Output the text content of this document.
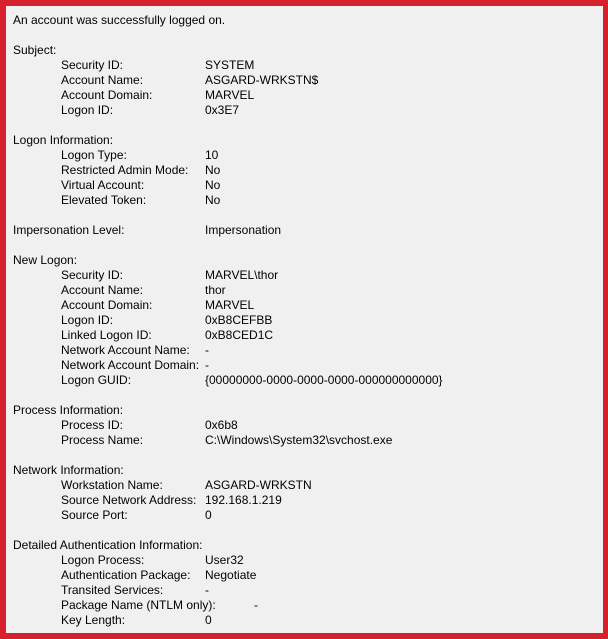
An account was successfully logged on.
Subject:
Security ID:	SYSTEM
Account Name:	ASGARD-WRKSTN$
Account Domain:	MARVEL
Logon ID:	0x3E7
Logon Information:
Logon Type:	10
Restricted Admin Mode: No
Virtual Account:	No
Elevated Token:	No
Impersonation Level:	Impersonation
New Logon:
Security ID:	MARVEL\thor
Account Name:	thor
Account Domain:	MARVEL
Logon ID:	0xB8CEFBB
Linked Logon ID:	0xB8CED1C
Network Account Name: -
Network Account Domain: -
Logon GUID:	{00000000-0000-0000-0000-000000000000}
Process Information:
Process ID:	0x6b8
Process Name:	C:\Windows\System32\svchost.exe
Network Information:
Workstation Name:	ASGARD-WRKSTN
Source Network Address: 192.168.1.219
Source Port:	0
Detailed Authentication Information:
Logon Process:	User32
Authentication Package: Negotiate
Transited Services:	-
Package Name (NTLM only):	-
Key Length:	0
